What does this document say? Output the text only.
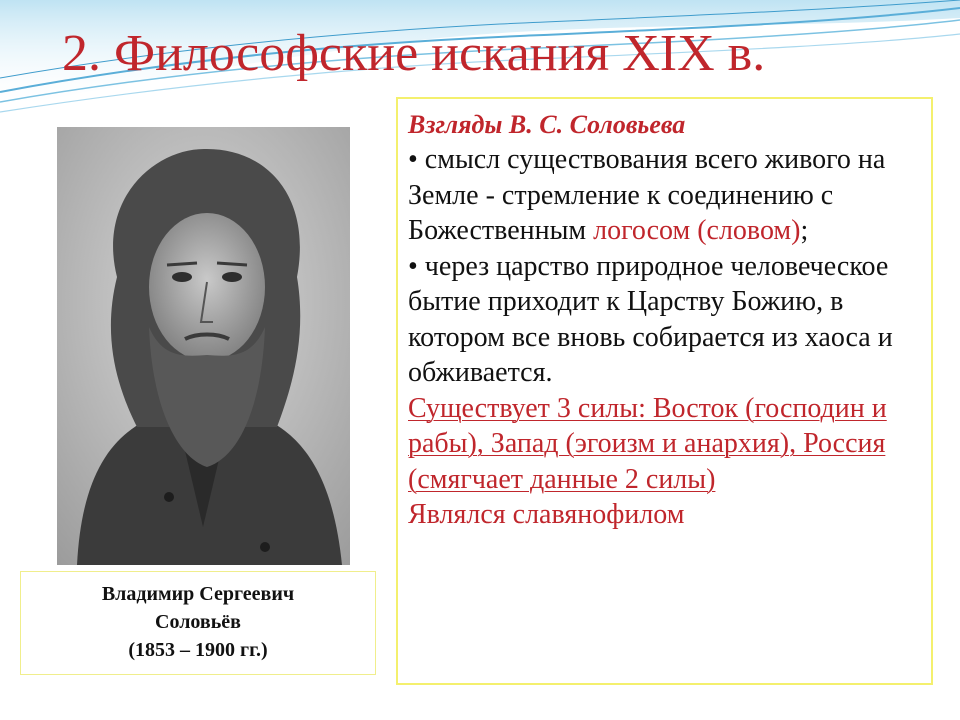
2. Философские искания XIX в.
Владимир Сергеевич
Соловьёв
(1853 – 1900 гг.)

Взгляды В. С. Соловьева

• смысл существования всего живого на Земле - стремление к соединению с Божественным логосом (словом);

• через царство природное человеческое бытие приходит к Царству Божию, в котором все вновь собирается из хаоса и обживается.

Существует 3 силы: Восток (господин и рабы), Запад (эгоизм и анархия), Россия (смягчает данные 2 силы)

Являлся славянофилом
